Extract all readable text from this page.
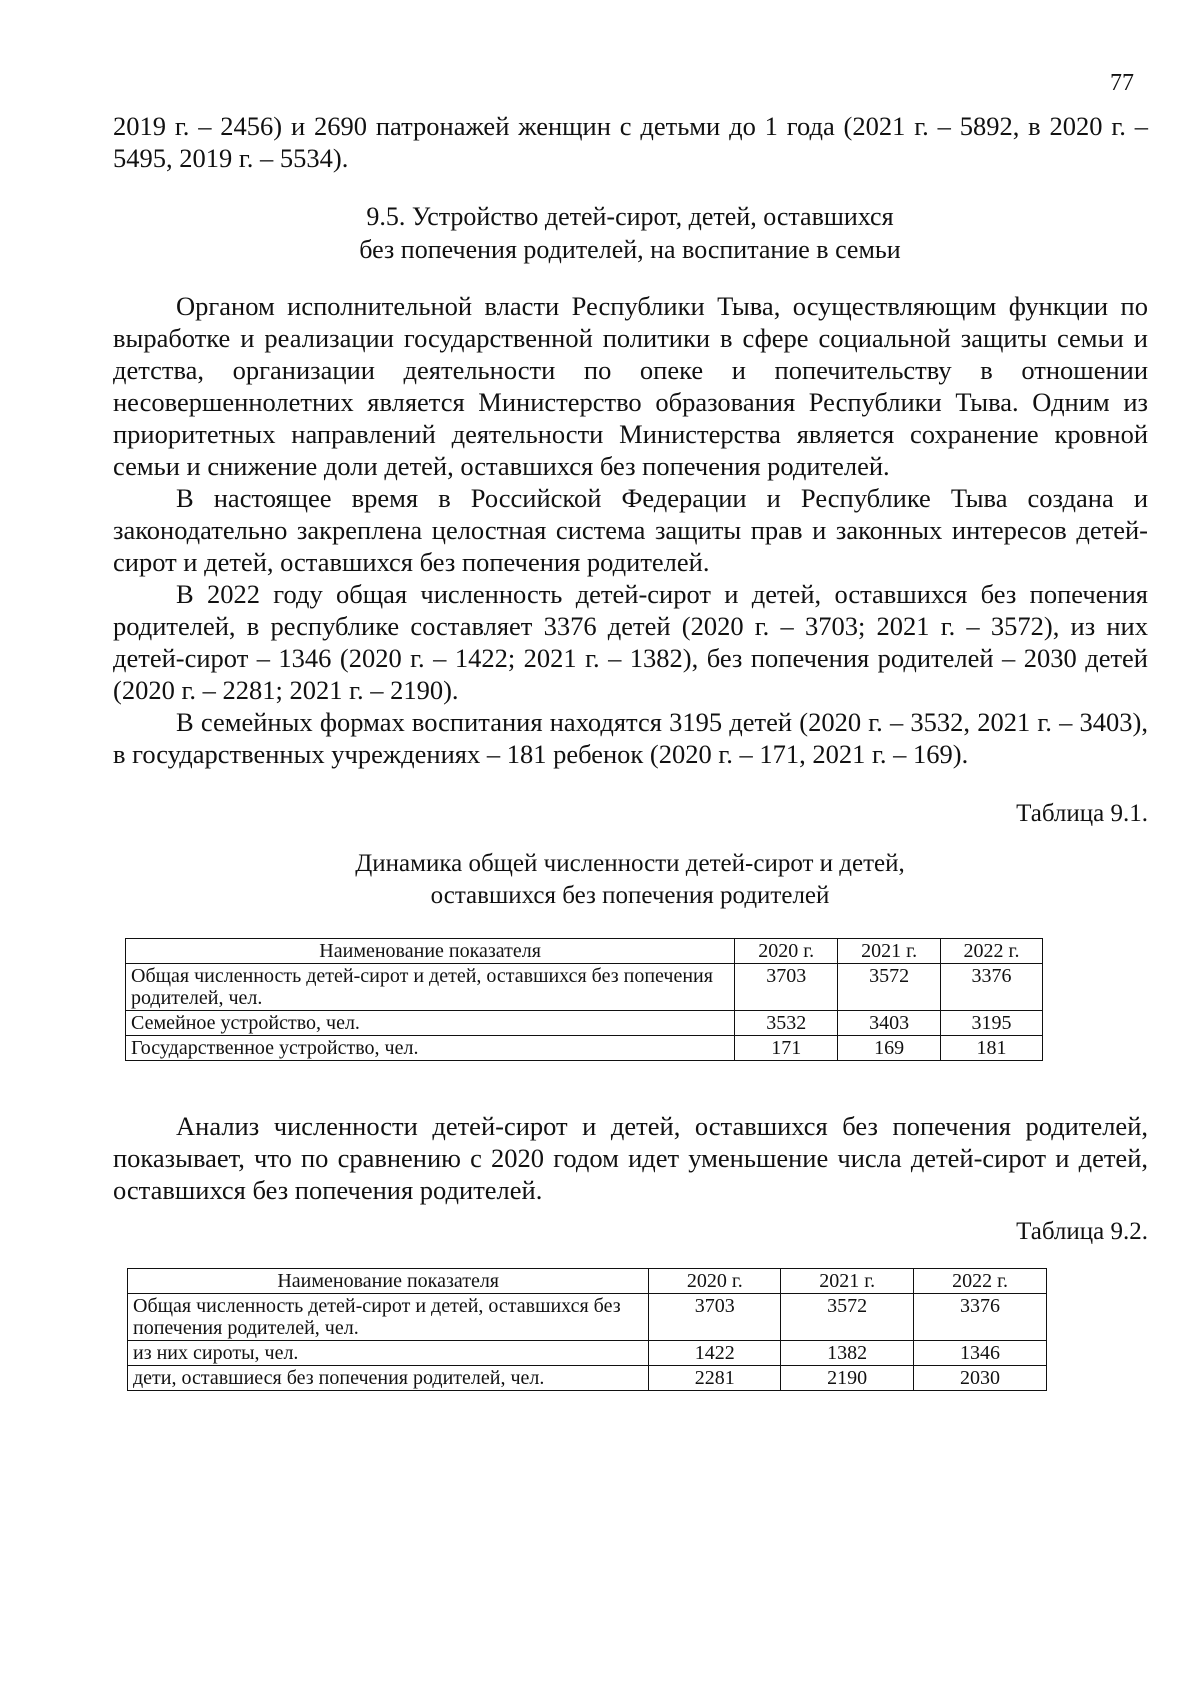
77

2019 г. – 2456) и 2690 патронажей женщин с детьми до 1 года (2021 г. – 5892, в 2020 г. – 5495, 2019 г. – 5534).

9.5. Устройство детей-сирот, детей, оставшихся
без попечения родителей, на воспитание в семьи

Органом исполнительной власти Республики Тыва, осуществляющим функции по выработке и реализации государственной политики в сфере социальной защиты семьи и детства, организации деятельности по опеке и попечительству в отношении несовершеннолетних является Министерство образования Республики Тыва. Одним из приоритетных направлений деятельности Министерства является сохранение кровной семьи и снижение доли детей, оставшихся без попечения родителей.

В настоящее время в Российской Федерации и Республике Тыва создана и законодательно закреплена целостная система защиты прав и законных интересов детей-сирот и детей, оставшихся без попечения родителей.

В 2022 году общая численность детей-сирот и детей, оставшихся без попечения родителей, в республике составляет 3376 детей (2020 г. – 3703; 2021 г. – 3572), из них детей-сирот – 1346 (2020 г. – 1422; 2021 г. – 1382), без попечения родителей – 2030 детей (2020 г. – 2281; 2021 г. – 2190).

В семейных формах воспитания находятся 3195 детей (2020 г. – 3532, 2021 г. – 3403), в государственных учреждениях – 181 ребенок (2020 г. – 171, 2021 г. – 169).

Таблица 9.1.
Динамика общей численности детей-сирот и детей,
оставшихся без попечения родителей
Наименование показателя	2020 г.	2021 г.	2022 г.
Общая численность детей-сирот и детей, оставшихся без попечения родителей, чел.	3703	3572	3376
Семейное устройство, чел.	3532	3403	3195
Государственное устройство, чел.	171	169	181

Анализ численности детей-сирот и детей, оставшихся без попечения родителей, показывает, что по сравнению с 2020 годом идет уменьшение числа детей-сирот и детей, оставшихся без попечения родителей.

Таблица 9.2.
Наименование показателя	2020 г.	2021 г.	2022 г.
Общая численность детей-сирот и детей, оставшихся без попечения родителей, чел.	3703	3572	3376
из них сироты, чел.	1422	1382	1346
дети, оставшиеся без попечения родителей, чел.	2281	2190	2030
